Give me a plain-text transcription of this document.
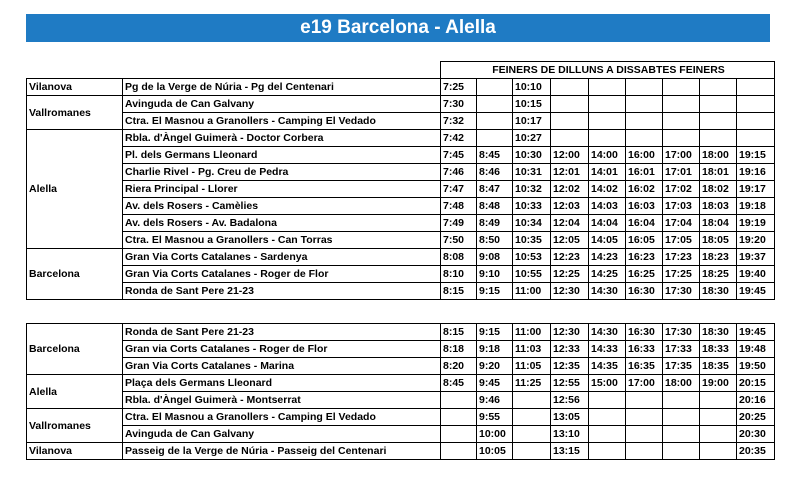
e19 Barcelona - Alella
		FEINERS DE DILLUNS A DISSABTES FEINERS								
Vilanova	Pg de la Verge de Núria - Pg del Centenari	7:25		10:10						
Vallromanes	Avinguda de Can Galvany	7:30		10:15						
	Ctra. El Masnou a Granollers - Camping El Vedado	7:32		10:17						
Alella	Rbla. d'Àngel Guimerà - Doctor Corbera	7:42		10:27						
	Pl. dels Germans Lleonard	7:45	8:45	10:30	12:00	14:00	16:00	17:00	18:00	19:15
	Charlie Rivel - Pg. Creu de Pedra	7:46	8:46	10:31	12:01	14:01	16:01	17:01	18:01	19:16
	Riera Principal - Llorer	7:47	8:47	10:32	12:02	14:02	16:02	17:02	18:02	19:17
	Av. dels Rosers - Camèlies	7:48	8:48	10:33	12:03	14:03	16:03	17:03	18:03	19:18
	Av. dels Rosers - Av. Badalona	7:49	8:49	10:34	12:04	14:04	16:04	17:04	18:04	19:19
	Ctra. El Masnou a Granollers - Can Torras	7:50	8:50	10:35	12:05	14:05	16:05	17:05	18:05	19:20
Barcelona	Gran Via Corts Catalanes - Sardenya	8:08	9:08	10:53	12:23	14:23	16:23	17:23	18:23	19:37
	Gran Via Corts Catalanes - Roger de Flor	8:10	9:10	10:55	12:25	14:25	16:25	17:25	18:25	19:40
	Ronda de Sant Pere 21-23	8:15	9:15	11:00	12:30	14:30	16:30	17:30	18:30	19:45
Barcelona	Ronda de Sant Pere 21-23	8:15	9:15	11:00	12:30	14:30	16:30	17:30	18:30	19:45
	Gran via Corts Catalanes - Roger de Flor	8:18	9:18	11:03	12:33	14:33	16:33	17:33	18:33	19:48
	Gran Via Corts Catalanes - Marina	8:20	9:20	11:05	12:35	14:35	16:35	17:35	18:35	19:50
Alella	Plaça dels Germans Lleonard	8:45	9:45	11:25	12:55	15:00	17:00	18:00	19:00	20:15
	Rbla. d'Àngel Guimerà - Montserrat		9:46		12:56					20:16
Vallromanes	Ctra. El Masnou a Granollers - Camping El Vedado		9:55		13:05					20:25
	Avinguda de Can Galvany		10:00		13:10					20:30
Vilanova	Passeig de la Verge de Núria - Passeig del Centenari		10:05		13:15					20:35
